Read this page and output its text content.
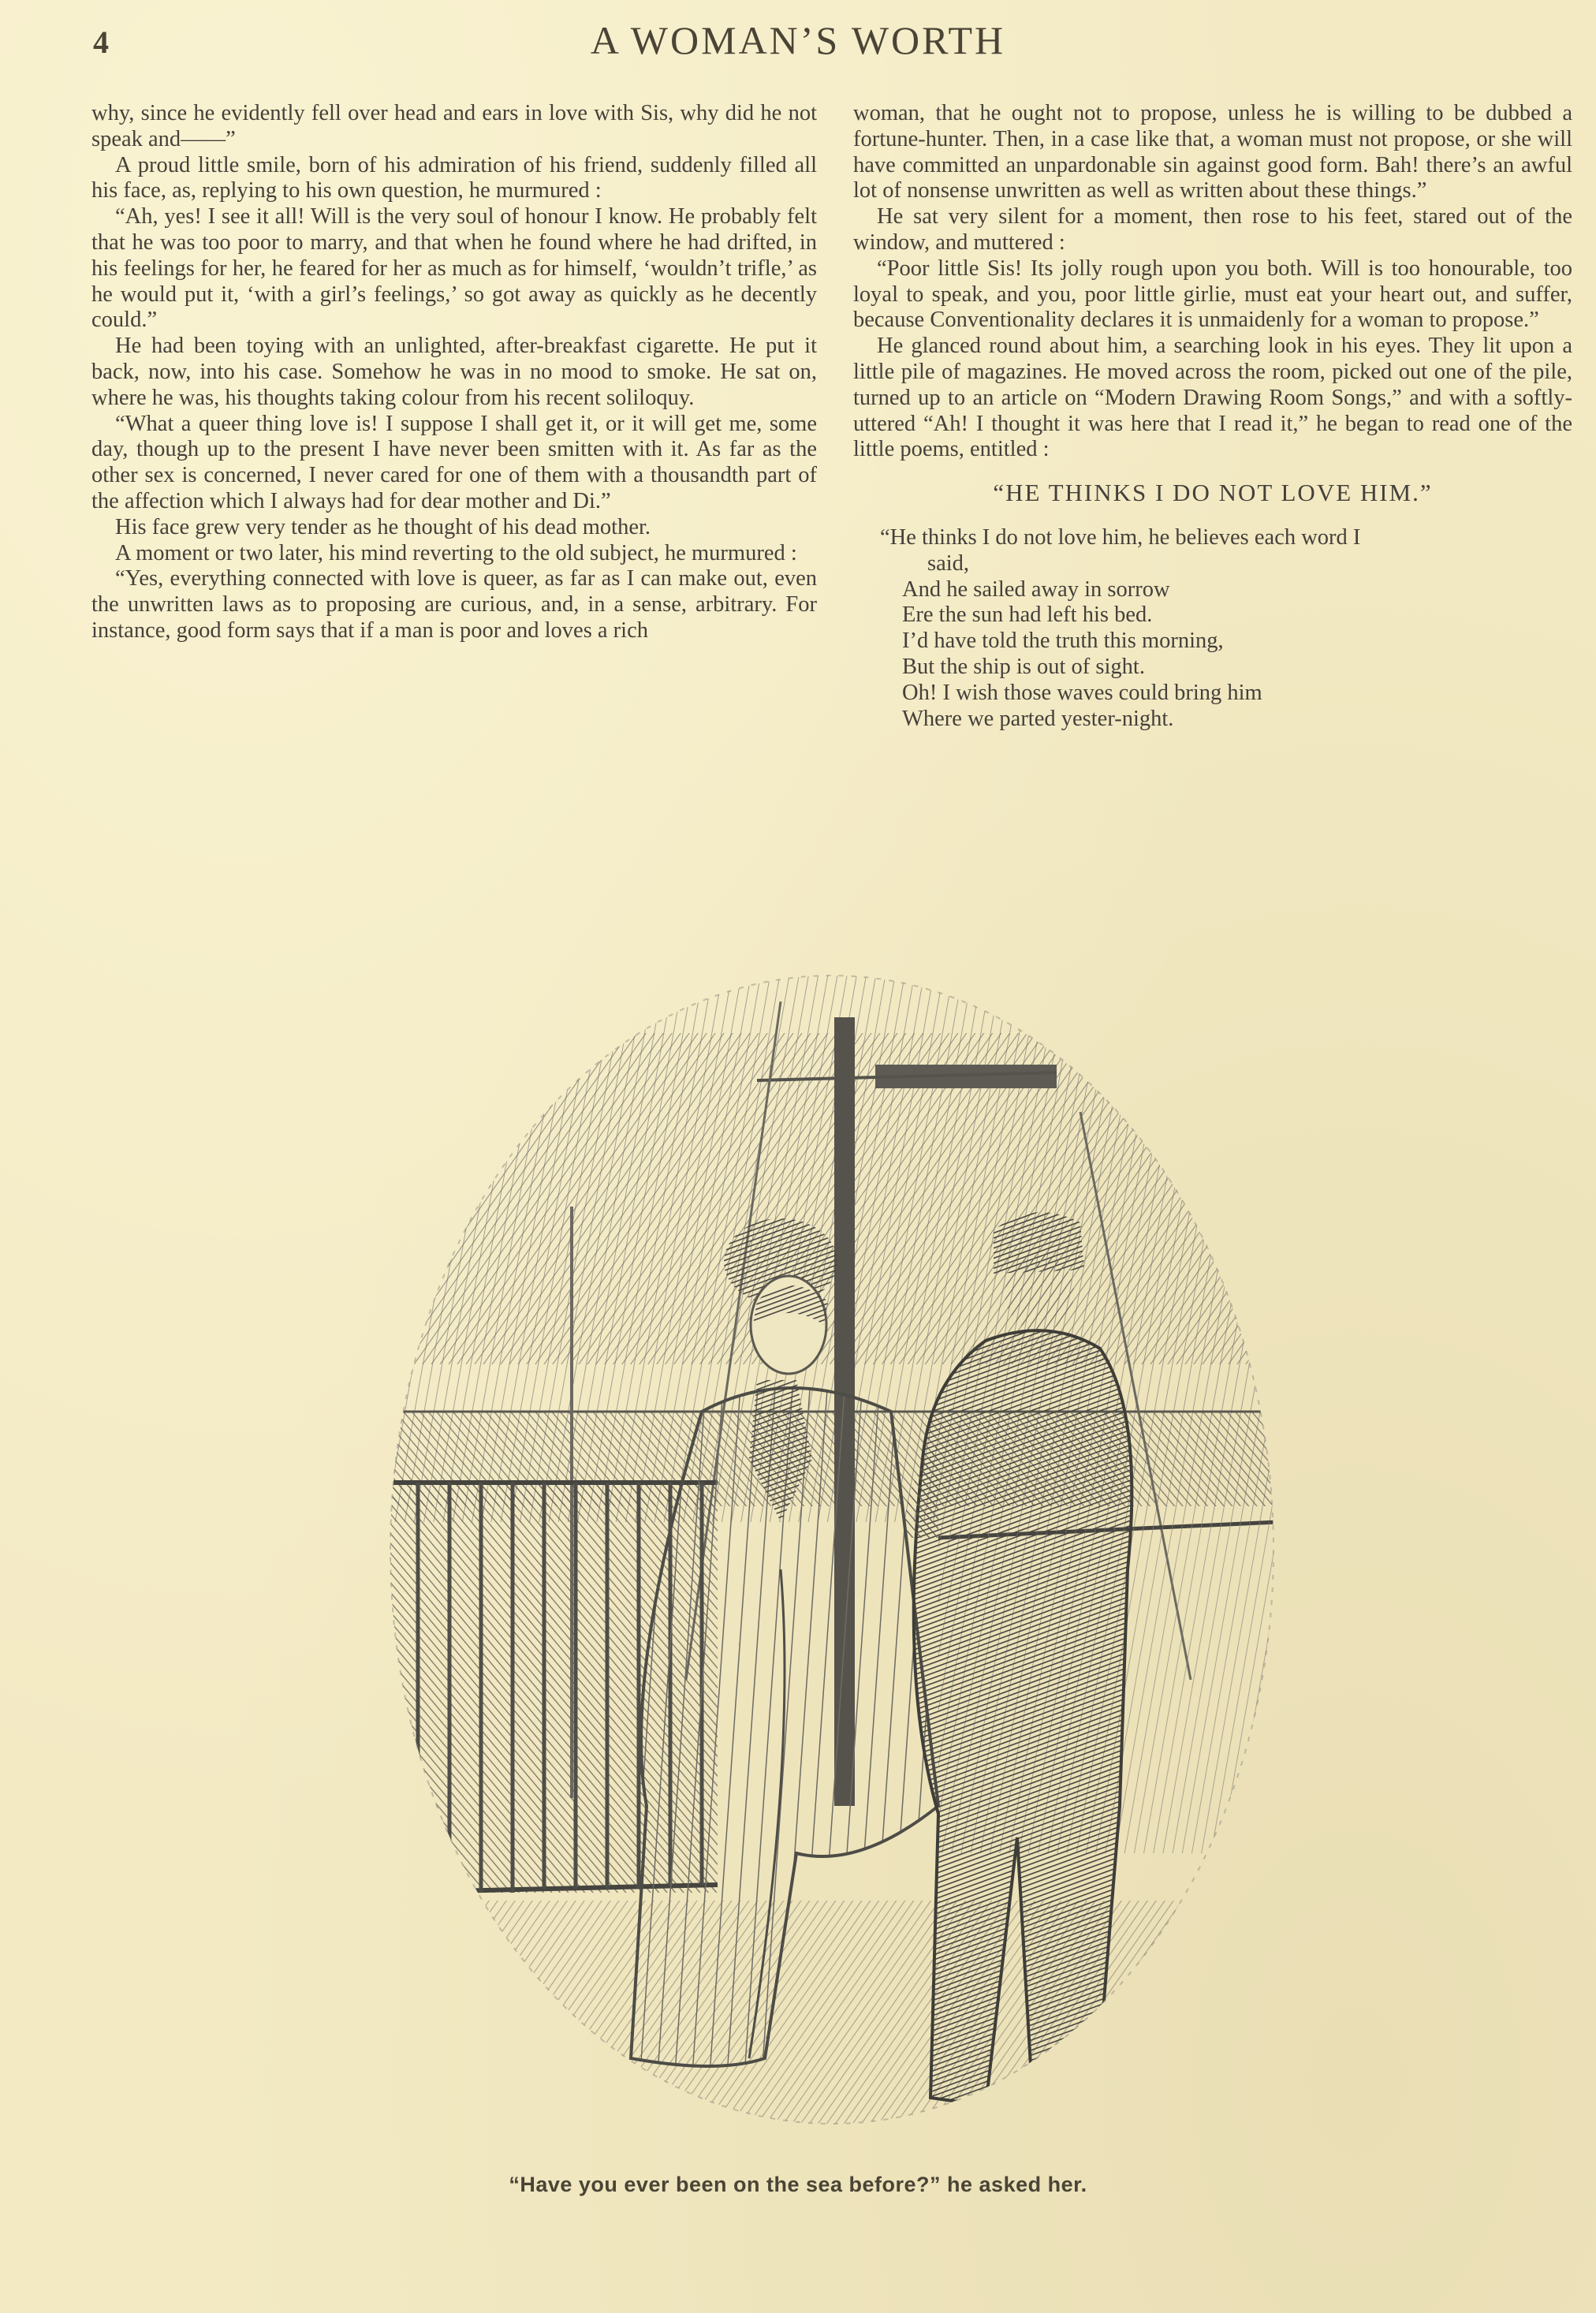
4	A WOMAN’S WORTH

why, since he evidently fell over head and ears in love with Sis, why did he not speak and——”

A proud little smile, born of his admiration of his friend, suddenly filled all his face, as, replying to his own question, he murmured :

“Ah, yes! I see it all! Will is the very soul of honour I know. He probably felt that he was too poor to marry, and that when he found where he had drifted, in his feelings for her, he feared for her as much as for himself, ‘wouldn’t trifle,’ as he would put it, ‘with a girl’s feelings,’ so got away as quickly as he decently could.”

He had been toying with an unlighted, after-breakfast cigarette. He put it back, now, into his case. Somehow he was in no mood to smoke. He sat on, where he was, his thoughts taking colour from his recent soliloquy.

“What a queer thing love is! I suppose I shall get it, or it will get me, some day, though up to the present I have never been smitten with it. As far as the other sex is concerned, I never cared for one of them with a thousandth part of the affection which I always had for dear mother and Di.”

His face grew very tender as he thought of his dead mother.

A moment or two later, his mind reverting to the old subject, he murmured :

“Yes, everything connected with love is queer, as far as I can make out, even the unwritten laws as to proposing are curious, and, in a sense, arbitrary. For instance, good form says that if a man is poor and loves a rich

woman, that he ought not to propose, unless he is willing to be dubbed a fortune-hunter. Then, in a case like that, a woman must not propose, or she will have committed an unpardonable sin against good form. Bah! there’s an awful lot of nonsense unwritten as well as written about these things.”

He sat very silent for a moment, then rose to his feet, stared out of the window, and muttered :

“Poor little Sis! Its jolly rough upon you both. Will is too honourable, too loyal to speak, and you, poor little girlie, must eat your heart out, and suffer, because Conventionality declares it is unmaidenly for a woman to propose.”

He glanced round about him, a searching look in his eyes. They lit upon a little pile of magazines. He moved across the room, picked out one of the pile, turned up to an article on “Modern Drawing Room Songs,” and with a softly-uttered “Ah! I thought it was here that I read it,” he began to read one of the little poems, entitled :

“HE THINKS I DO NOT LOVE HIM.”
“He thinks I do not love him, he believes each word I
said,
And he sailed away in sorrow
Ere the sun had left his bed.
I’d have told the truth this morning,
But the ship is out of sight.
Oh! I wish those waves could bring him
Where we parted yester-night.
“Have you ever been on the sea before?” he asked her.
